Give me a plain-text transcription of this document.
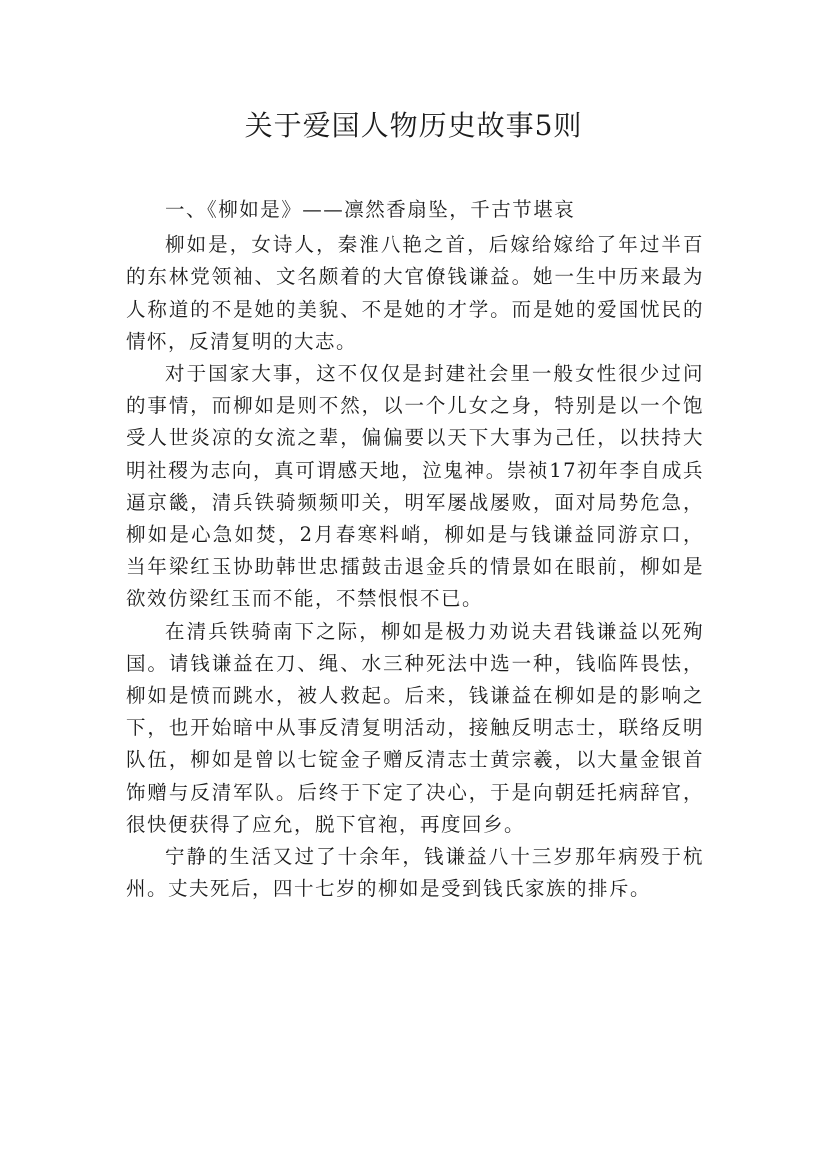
关于爱国人物历史故事5则

一、《柳如是》——凛然香扇坠，千古节堪哀

柳如是，女诗人，秦淮八艳之首，后嫁给嫁给了年过半百的东林党领袖、文名颇着的大官僚钱谦益。她一生中历来最为人称道的不是她的美貌、不是她的才学。而是她的爱国忧民的情怀，反清复明的大志。

对于国家大事，这不仅仅是封建社会里一般女性很少过问的事情，而柳如是则不然，以一个儿女之身，特别是以一个饱受人世炎凉的女流之辈，偏偏要以天下大事为己任，以扶持大明社稷为志向，真可谓感天地，泣鬼神。崇祯17初年李自成兵逼京畿，清兵铁骑频频叩关，明军屡战屡败，面对局势危急，柳如是心急如焚，2月春寒料峭，柳如是与钱谦益同游京口，当年梁红玉协助韩世忠擂鼓击退金兵的情景如在眼前，柳如是欲效仿梁红玉而不能，不禁恨恨不已。

在清兵铁骑南下之际，柳如是极力劝说夫君钱谦益以死殉国。请钱谦益在刀、绳、水三种死法中选一种，钱临阵畏怯，柳如是愤而跳水，被人救起。后来，钱谦益在柳如是的影响之下，也开始暗中从事反清复明活动，接触反明志士，联络反明队伍，柳如是曾以七锭金子赠反清志士黄宗羲，以大量金银首饰赠与反清军队。后终于下定了决心，于是向朝廷托病辞官，很快便获得了应允，脱下官袍，再度回乡。

宁静的生活又过了十余年，钱谦益八十三岁那年病殁于杭州。丈夫死后，四十七岁的柳如是受到钱氏家族的排斥。
